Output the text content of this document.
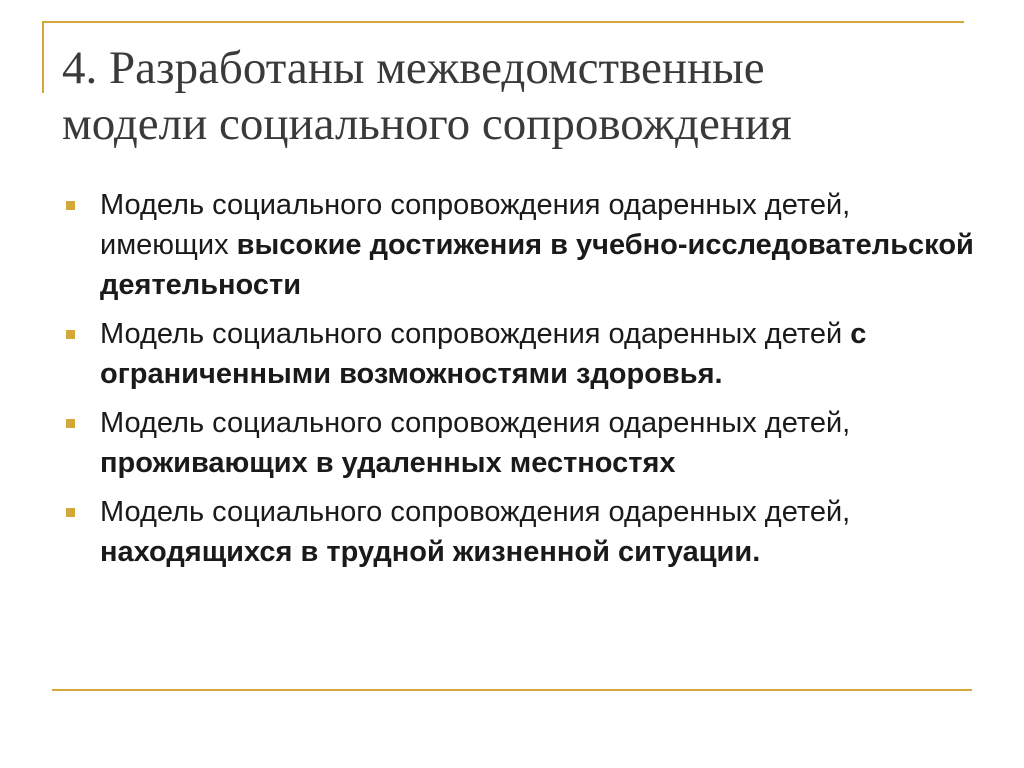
4. Разработаны межведомственные
модели социального сопровождения
Модель социального сопровождения одаренных детей, имеющих высокие достижения в учебно-исследовательской деятельности
Модель социального сопровождения одаренных детей с ограниченными возможностями здоровья.
Модель социального сопровождения одаренных детей, проживающих в удаленных местностях
Модель социального сопровождения одаренных детей, находящихся в трудной жизненной ситуации.
